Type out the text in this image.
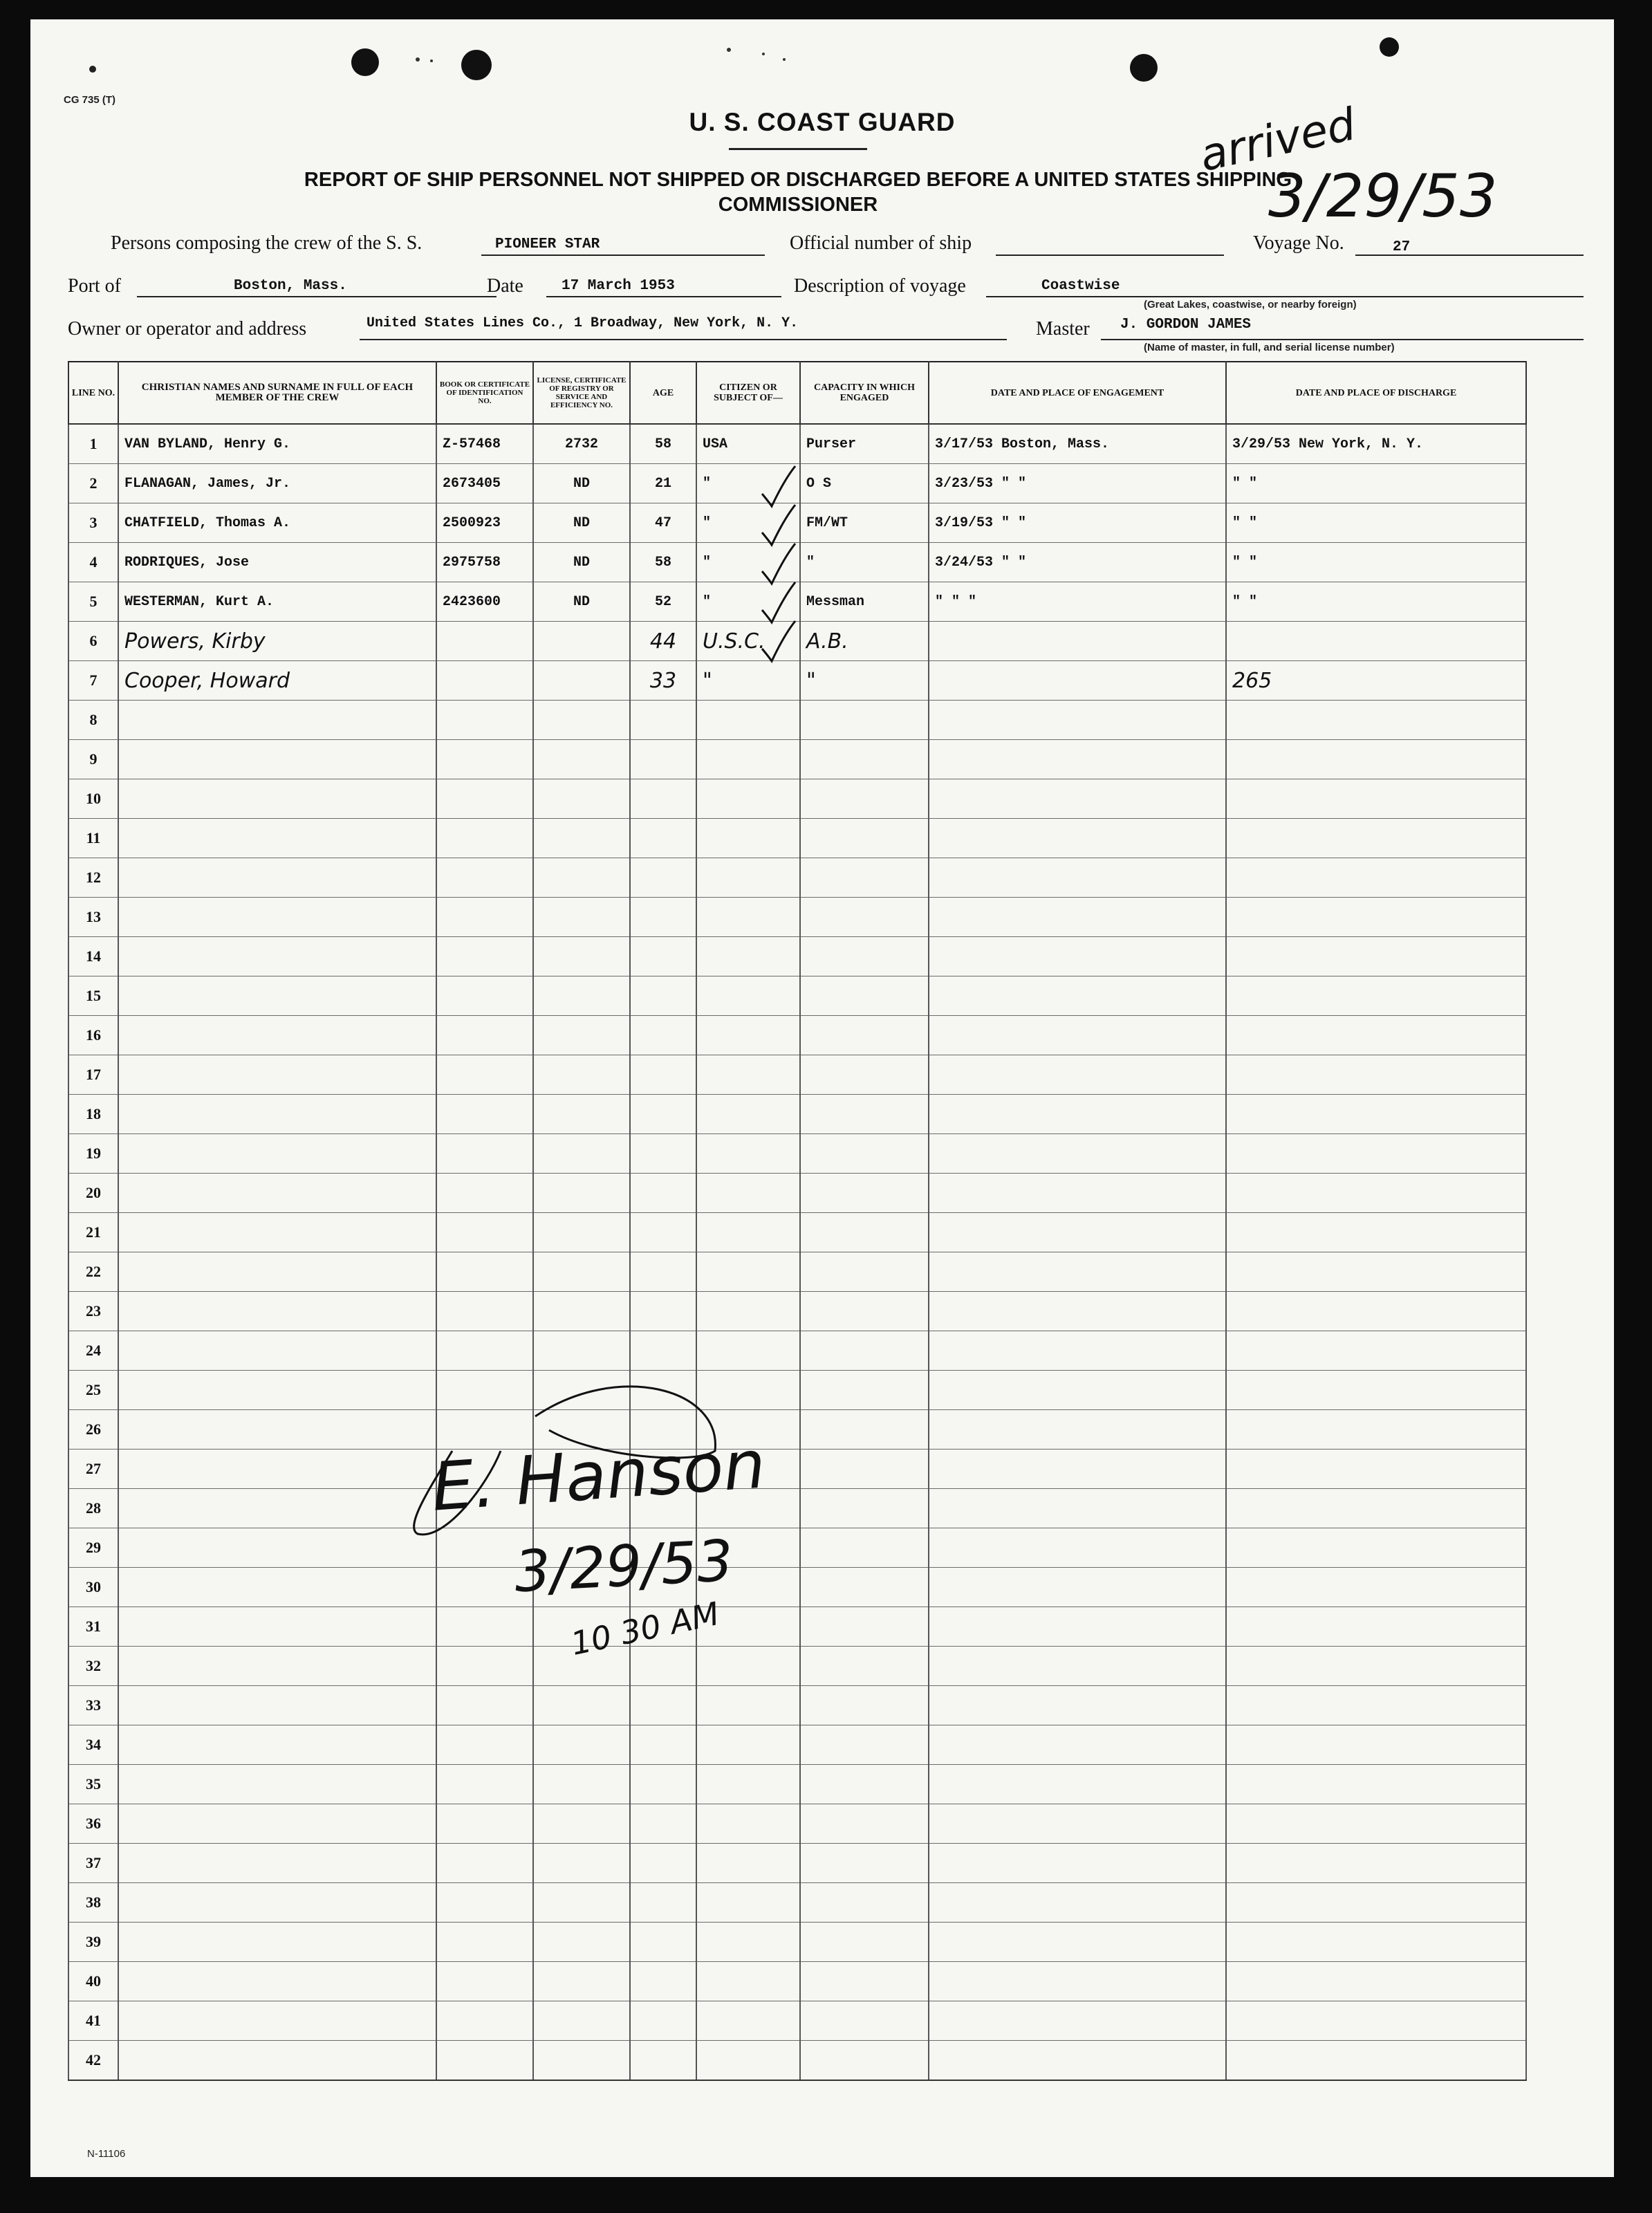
CG 735 (T)
U. S. COAST GUARD
REPORT OF SHIP PERSONNEL NOT SHIPPED OR DISCHARGED BEFORE A UNITED STATES SHIPPING COMMISSIONER
arrived
3/29/53
Persons composing the crew of the S. S.	PIONEER STAR	Official number of ship	Voyage No.	27
Port of	Boston, Mass.	Date	17 March 1953	Description of voyage	Coastwise
(Great Lakes, coastwise, or nearby foreign)
Owner or operator and address	United States Lines Co., 1 Broadway, New York, N. Y.	Master J. GORDON JAMES
(Name of master, in full, and serial license number)
LINE NO.	CHRISTIAN NAMES AND SURNAME IN FULL OF EACH MEMBER OF THE CREW	BOOK OR CERTIFICATE OF IDENTIFICATION NO.	LICENSE, CERTIFICATE OF REGISTRY OR SERVICE AND EFFICIENCY NO.	AGE	CITIZEN OR SUBJECT OF—	CAPACITY IN WHICH ENGAGED	DATE AND PLACE OF ENGAGEMENT	DATE AND PLACE OF DISCHARGE
1	VAN BYLAND, Henry G.	Z-57468	2732	58	USA	Purser	3/17/53 Boston, Mass.	3/29/53 New York, N. Y.
2	FLANAGAN, James, Jr.	2673405	ND	21	"	O S	3/23/53 " "	" "
3	CHATFIELD, Thomas A.	2500923	ND	47	"	FM/WT	3/19/53 " "	" "
4	RODRIQUES, Jose	2975758	ND	58	"	"	3/24/53 " "	" "
5	WESTERMAN, Kurt A.	2423600	ND	52	"	Messman	" " "	" "
6	Powers, Kirby			44	U.S.C.	A.B.		
7	Cooper, Howard			33	"	"		265
8								
9								
10								
11								
12								
13								
14								
15								
16								
17								
18								
19								
20								
21								
22								
23								
24								
25								
26								
27								
28								
29								
30								
31								
32								
33								
34								
35								
36								
37								
38								
39								
40								
41								
42								
E. Hanson
3/29/53
10 30 AM
N-11106
